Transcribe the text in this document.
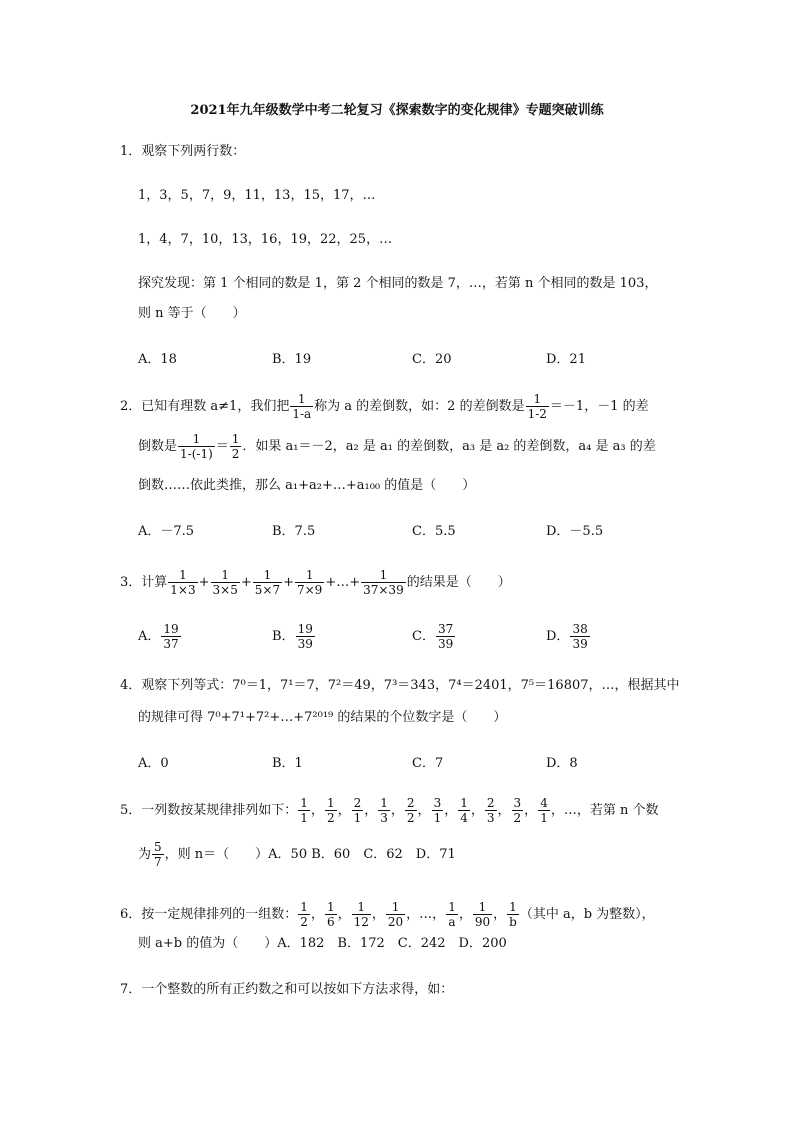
2021年九年级数学中考二轮复习《探索数字的变化规律》专题突破训练
1．观察下列两行数：
1，3，5，7，9，11，13，15，17，…
1，4，7，10，13，16，19，22，25，…
探究发现：第 1 个相同的数是 1，第 2 个相同的数是 7，…，若第 n 个相同的数是 103，
则 n 等于（　　）
A．18	B．19	C．20	D．21
2．已知有理数 a≠1，我们把 $\frac{1}{1-a}$ 称为 a 的差倒数，如：2 的差倒数是 $\frac{1}{1-2} =-1$，－1 的差
倒数是 $\frac{1}{1-(-1)} = \frac{1}{2}$ ．如果 a₁＝－2，a₂ 是 a₁ 的差倒数，a₃ 是 a₂ 的差倒数，a₄ 是 a₃ 的差
倒数……依此类推，那么 a₁+a₂+…+a₁₀₀ 的值是（　　）
A．－7.5	B．7.5	C．5.5	D．－5.5
3．计算 $\frac{1}{1\times 3} + \frac{1}{3\times 5} + \frac{1}{5\times 7} + \frac{1}{7\times 9}$ +…+ $\frac{1}{37\times 39}$ 的结果是（　　）
A． $\frac{19}{37}$	B． $\frac{19}{39}$	C． $\frac{37}{39}$	D． $\frac{38}{39}$
4．观察下列等式：7⁰＝1，7¹＝7，7²＝49，7³＝343，7⁴＝2401，7⁵＝16807，…，根据其中
的规律可得 7⁰+7¹+7²+…+7²⁰¹⁹ 的结果的个位数字是（　　）
A．0	B．1	C．7	D．8
5．一列数按某规律排列如下： $\frac{1}{1}$ ， $\frac{1}{2}$ ， $\frac{2}{1}$ ， $\frac{1}{3}$ ， $\frac{2}{2}$ ， $\frac{3}{1}$ ， $\frac{1}{4}$ ， $\frac{2}{3}$ ， $\frac{3}{2}$ ， $\frac{4}{1}$ ，…，若第 n 个数
为 $\frac{5}{7}$ ，则 n＝（　　）A．50 B．60　C．62　D．71
6．按一定规律排列的一组数： $\frac{1}{2}$ ， $\frac{1}{6}$ ， $\frac{1}{12}$ ， $\frac{1}{20}$ ，…， $\frac{1}{a}$ ， $\frac{1}{90}$ ， $\frac{1}{b}$ （其中 a，b 为整数），
则 a+b 的值为（　　）A．182　B．172　C．242　D．200
7．一个整数的所有正约数之和可以按如下方法求得，如：
